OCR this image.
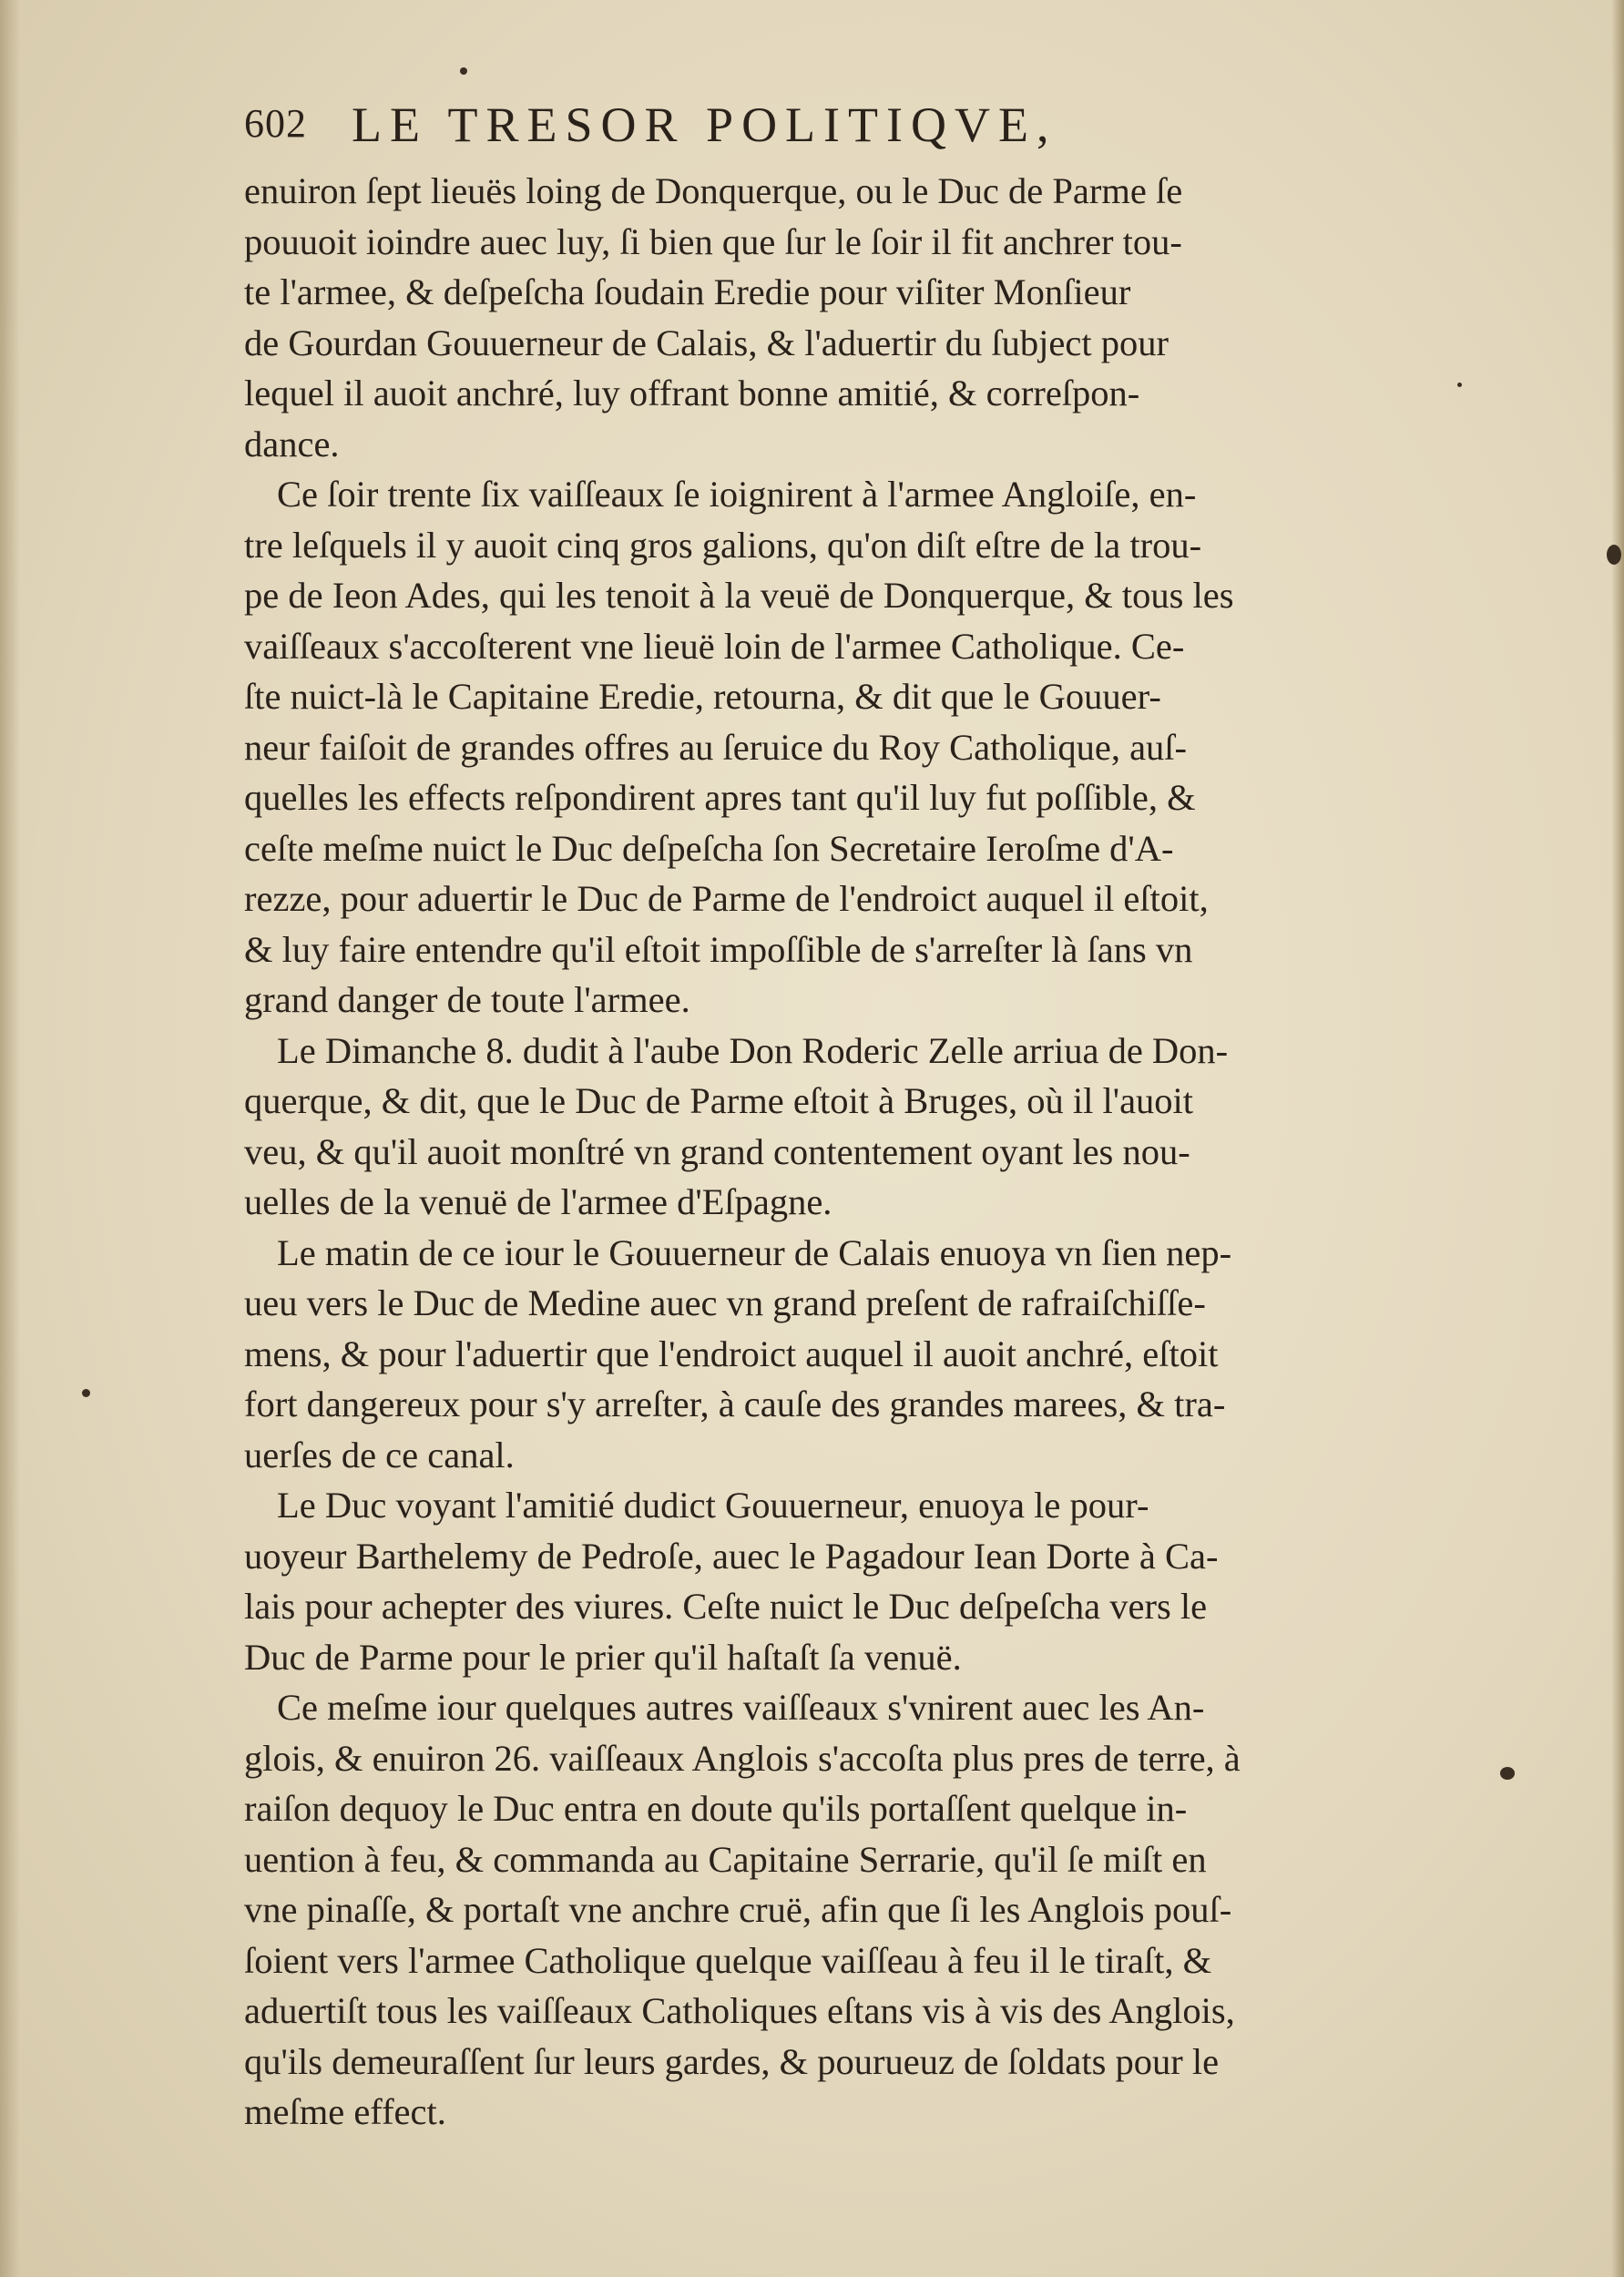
602 LE TRESOR POLITIQVE,

enuiron ſept lieuës loing de Donquerque, ou le Duc de Parme ſe
pouuoit ioindre auec luy, ſi bien que ſur le ſoir il fit anchrer tou-
te l'armee, & deſpeſcha ſoudain Eredie pour viſiter Monſieur
de Gourdan Gouuerneur de Calais, & l'aduertir du ſubject pour
lequel il auoit anchré, luy offrant bonne amitié, & correſpon-
dance.

Ce ſoir trente ſix vaiſſeaux ſe ioignirent à l'armee Angloiſe, en-
tre leſquels il y auoit cinq gros galions, qu'on diſt eſtre de la trou-
pe de Ieon Ades, qui les tenoit à la veuë de Donquerque, & tous les
vaiſſeaux s'accoſterent vne lieuë loin de l'armee Catholique. Ce-
ſte nuict-là le Capitaine Eredie, retourna, & dit que le Gouuer-
neur faiſoit de grandes offres au ſeruice du Roy Catholique, auſ-
quelles les effects reſpondirent apres tant qu'il luy fut poſſible, &
ceſte meſme nuict le Duc deſpeſcha ſon Secretaire Ieroſme d'A-
rezze, pour aduertir le Duc de Parme de l'endroict auquel il eſtoit,
& luy faire entendre qu'il eſtoit impoſſible de s'arreſter là ſans vn
grand danger de toute l'armee.

Le Dimanche 8. dudit à l'aube Don Roderic Zelle arriua de Don-
querque, & dit, que le Duc de Parme eſtoit à Bruges, où il l'auoit
veu, & qu'il auoit monſtré vn grand contentement oyant les nou-
uelles de la venuë de l'armee d'Eſpagne.

Le matin de ce iour le Gouuerneur de Calais enuoya vn ſien nep-
ueu vers le Duc de Medine auec vn grand preſent de rafraiſchiſſe-
mens, & pour l'aduertir que l'endroict auquel il auoit anchré, eſtoit
fort dangereux pour s'y arreſter, à cauſe des grandes marees, & tra-
uerſes de ce canal.

Le Duc voyant l'amitié dudict Gouuerneur, enuoya le pour-
uoyeur Barthelemy de Pedroſe, auec le Pagadour Iean Dorte à Ca-
lais pour achepter des viures. Ceſte nuict le Duc deſpeſcha vers le
Duc de Parme pour le prier qu'il haſtaſt ſa venuë.

Ce meſme iour quelques autres vaiſſeaux s'vnirent auec les An-
glois, & enuiron 26. vaiſſeaux Anglois s'accoſta plus pres de terre, à
raiſon dequoy le Duc entra en doute qu'ils portaſſent quelque in-
uention à feu, & commanda au Capitaine Serrarie, qu'il ſe miſt en
vne pinaſſe, & portaſt vne anchre cruë, afin que ſi les Anglois pouſ-
ſoient vers l'armee Catholique quelque vaiſſeau à feu il le tiraſt, &
aduertiſt tous les vaiſſeaux Catholiques eſtans vis à vis des Anglois,
qu'ils demeuraſſent ſur leurs gardes, & pourueuz de ſoldats pour le
meſme effect.
